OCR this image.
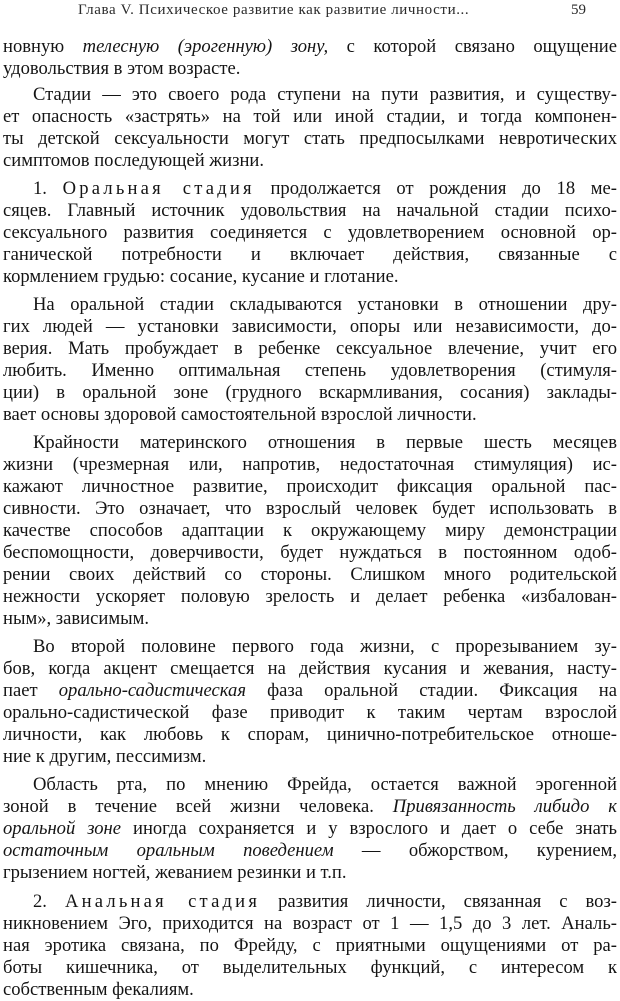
Глава V. Психическое развитие как развитие личности...	59
новную телесную (эрогенную) зону, с которой связано ощущение
удовольствия в этом возрасте.
Стадии — это своего рода ступени на пути развития, и существу-
ет опасность «застрять» на той или иной стадии, и тогда компонен-
ты детской сексуальности могут стать предпосылками невротических
симптомов последующей жизни.
1. Оральная стадия продолжается от рождения до 18 ме-
сяцев. Главный источник удовольствия на начальной стадии психо-
сексуального развития соединяется с удовлетворением основной ор-
ганической потребности и включает действия, связанные с
кормлением грудью: сосание, кусание и глотание.
На оральной стадии складываются установки в отношении дру-
гих людей — установки зависимости, опоры или независимости, до-
верия. Мать пробуждает в ребенке сексуальное влечение, учит его
любить. Именно оптимальная степень удовлетворения (стимуля-
ции) в оральной зоне (грудного вскармливания, сосания) заклады-
вает основы здоровой самостоятельной взрослой личности.
Крайности материнского отношения в первые шесть месяцев
жизни (чрезмерная или, напротив, недостаточная стимуляция) ис-
кажают личностное развитие, происходит фиксация оральной пас-
сивности. Это означает, что взрослый человек будет использовать в
качестве способов адаптации к окружающему миру демонстрации
беспомощности, доверчивости, будет нуждаться в постоянном одоб-
рении своих действий со стороны. Слишком много родительской
нежности ускоряет половую зрелость и делает ребенка «избалован-
ным», зависимым.
Во второй половине первого года жизни, с прорезыванием зу-
бов, когда акцент смещается на действия кусания и жевания, насту-
пает орально-садистическая фаза оральной стадии. Фиксация на
орально-садистической фазе приводит к таким чертам взрослой
личности, как любовь к спорам, цинично-потребительское отноше-
ние к другим, пессимизм.
Область рта, по мнению Фрейда, остается важной эрогенной
зоной в течение всей жизни человека. Привязанность либидо к
оральной зоне иногда сохраняется и у взрослого и дает о себе знать
остаточным оральным поведением — обжорством, курением,
грызением ногтей, жеванием резинки и т.п.
2. Анальная стадия развития личности, связанная с воз-
никновением Эго, приходится на возраст от 1 — 1,5 до 3 лет. Аналь-
ная эротика связана, по Фрейду, с приятными ощущениями от ра-
боты кишечника, от выделительных функций, с интересом к
собственным фекалиям.
